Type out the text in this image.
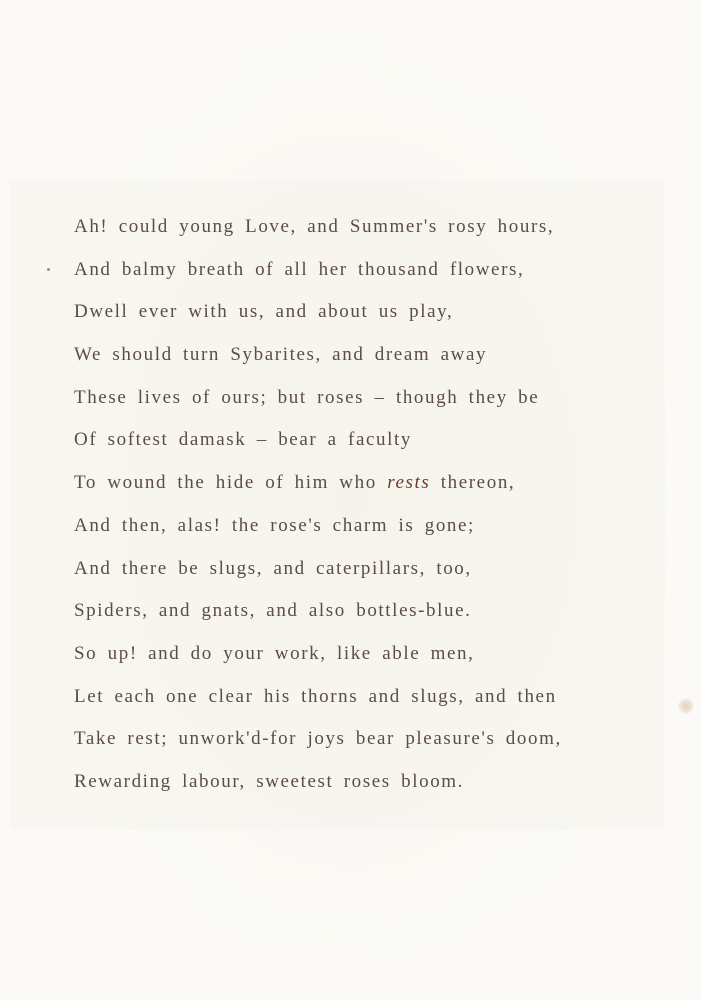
Ah! could young Love, and Summer's rosy hours,
And balmy breath of all her thousand flowers,
Dwell ever with us, and about us play,
We should turn Sybarites, and dream away
These lives of ours; but roses – though they be
Of softest damask – bear a faculty
To wound the hide of him who rests thereon,
And then, alas! the rose's charm is gone;
And there be slugs, and caterpillars, too,
Spiders, and gnats, and also bottles-blue.
So up! and do your work, like able men,
Let each one clear his thorns and slugs, and then
Take rest; unwork'd-for joys bear pleasure's doom,
Rewarding labour, sweetest roses bloom.
